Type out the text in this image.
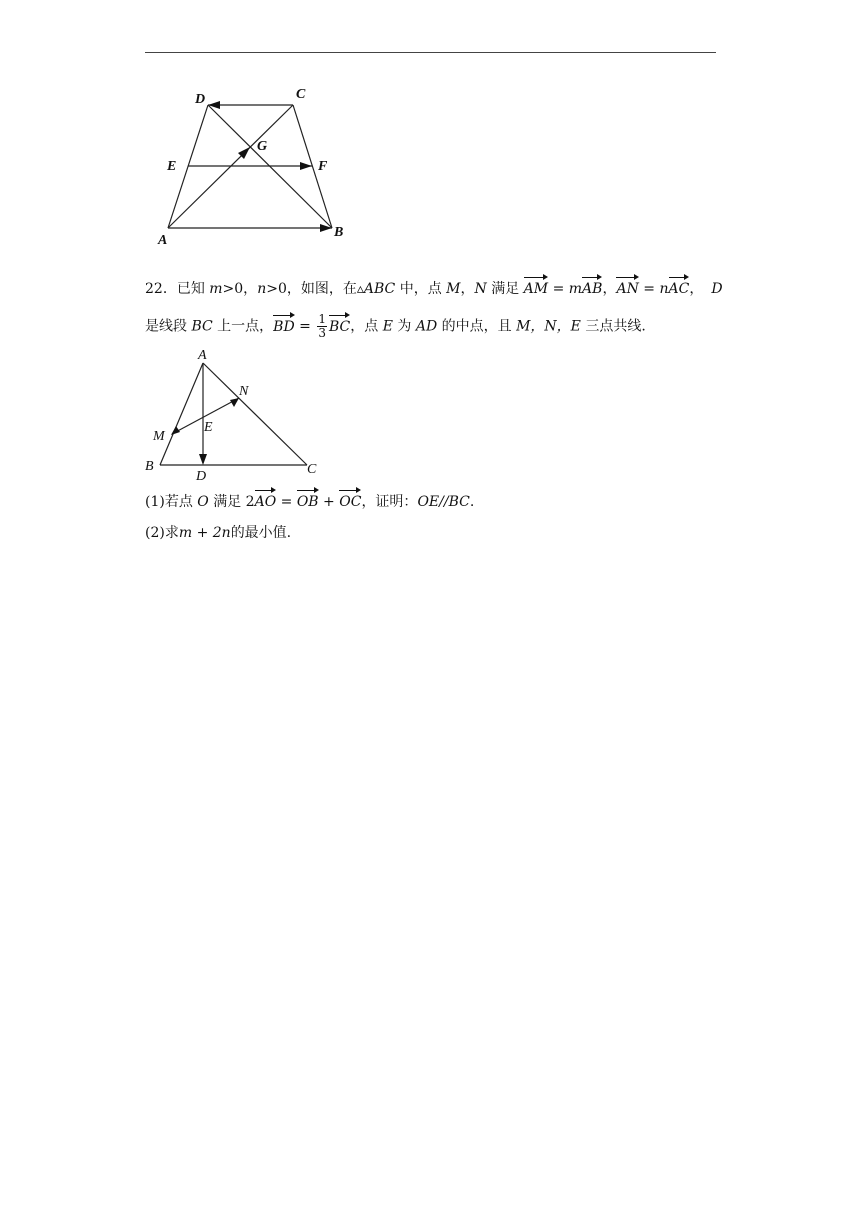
D	C
E	F
G
A
B
22．已知 m>0，n>0，如图，在▵ABC 中，点 M，N 满足 AM = mAB，AN = nAC， D
是线段 BC 上一点，BD = $\frac{1}{3}$ BC，点 E 为 AD 的中点，且 M，N，E 三点共线.
A
N
E
M
B
D	C
(1)若点 O 满足 2AO = OB + OC，证明：OE//BC.
(2)求m + 2n的最小值.
